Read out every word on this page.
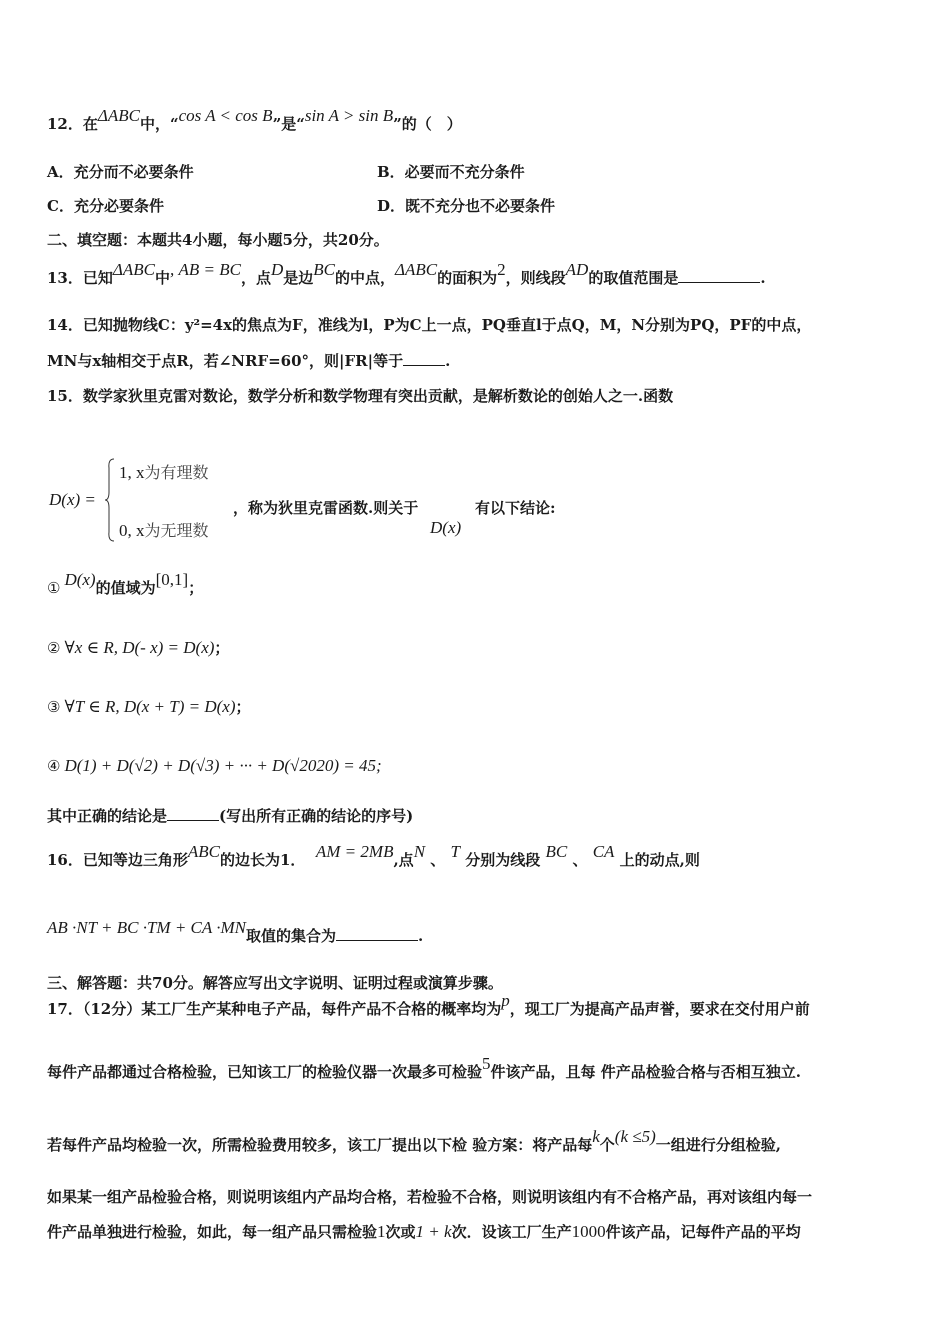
12．在ΔABC中，“cos A < cos B”是“sin A > sin B”的（　）
A．充分而不必要条件	B．必要而不充分条件
C．充分必要条件	D．既不充分也不必要条件
二、填空题：本题共4小题，每小题5分，共20分。
13．已知ΔABC中, AB = BC，点D是边BC的中点，ΔABC的面积为2，则线段AD的取值范围是	.
14．已知抛物线C：y²=4x的焦点为F，准线为l，P为C上一点，PQ垂直l于点Q，M，N分别为PQ，PF的中点，
MN与x轴相交于点R，若∠NRF=60°，则|FR|等于	.
15．数学家狄里克雷对数论，数学分析和数学物理有突出贡献，是解析数论的创始人之一.函数
D(x) =
1, x为有理数
0, x为无理数
，称为狄里克雷函数.则关于
D(x)
有以下结论:
① D(x)的值域为[0,1]；
② ∀x ∈ R, D(- x) = D(x)；
③ ∀T ∈ R, D(x + T) = D(x)；
④ D(1) + D(√2) + D(√3) + ··· + D(√2020) = 45;
其中正确的结论是	(写出所有正确的结论的序号)
16．已知等边三角形ABC的边长为1． AM = 2MB,点N 、 T 分别为线段 BC 、 CA 上的动点,则
AB ·NT + BC ·TM + CA ·MN取值的集合为	.
三、解答题：共70分。解答应写出文字说明、证明过程或演算步骤。
17．（12分）某工厂生产某种电子产品，每件产品不合格的概率均为p，现工厂为提高产品声誉，要求在交付用户前
每件产品都通过合格检验，已知该工厂的检验仪器一次最多可检验5件该产品，且每 件产品检验合格与否相互独立.
若每件产品均检验一次，所需检验费用较多，该工厂提出以下检 验方案：将产品每k个(k ≤5)一组进行分组检验,
如果某一组产品检验合格，则说明该组内产品均合格，若检验不合格，则说明该组内有不合格产品，再对该组内每一
件产品单独进行检验，如此，每一组产品只需检验1次或1 + k次．设该工厂生产1000件该产品，记每件产品的平均
